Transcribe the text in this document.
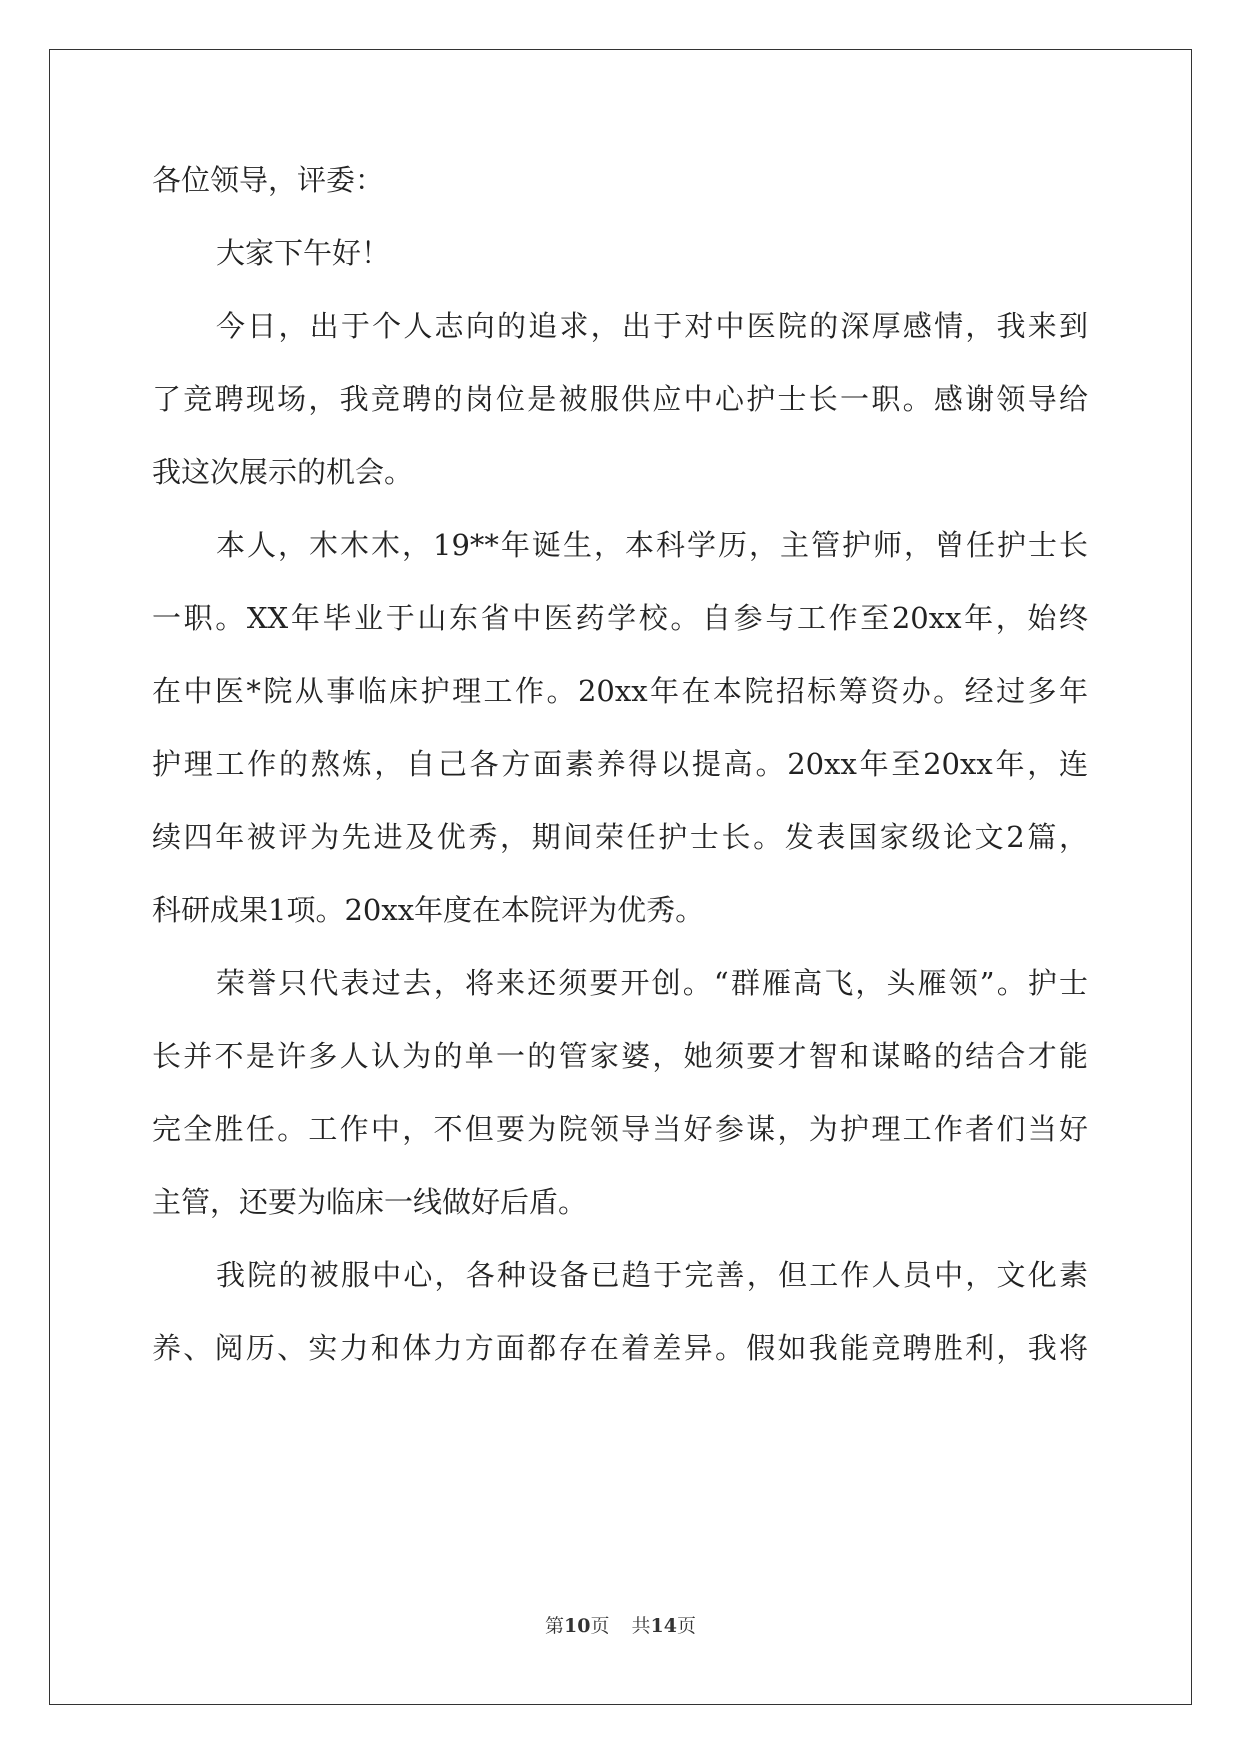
各位领导，评委：
大家下午好！
今日，出于个人志向的追求，出于对中医院的深厚感情，我来到
了竞聘现场，我竞聘的岗位是被服供应中心护士长一职。感谢领导给
我这次展示的机会。
本人，木木木，19**年诞生，本科学历，主管护师，曾任护士长
一职。XX年毕业于山东省中医药学校。自参与工作至20xx年，始终
在中医*院从事临床护理工作。20xx年在本院招标筹资办。经过多年
护理工作的熬炼，自己各方面素养得以提高。20xx年至20xx年，连
续四年被评为先进及优秀，期间荣任护士长。发表国家级论文2篇，
科研成果1项。20xx年度在本院评为优秀。
荣誉只代表过去，将来还须要开创。“群雁高飞，头雁领”。护士
长并不是许多人认为的单一的管家婆，她须要才智和谋略的结合才能
完全胜任。工作中，不但要为院领导当好参谋，为护理工作者们当好
主管，还要为临床一线做好后盾。
我院的被服中心，各种设备已趋于完善，但工作人员中，文化素
养、阅历、实力和体力方面都存在着差异。假如我能竞聘胜利，我将
第10页 共14页
